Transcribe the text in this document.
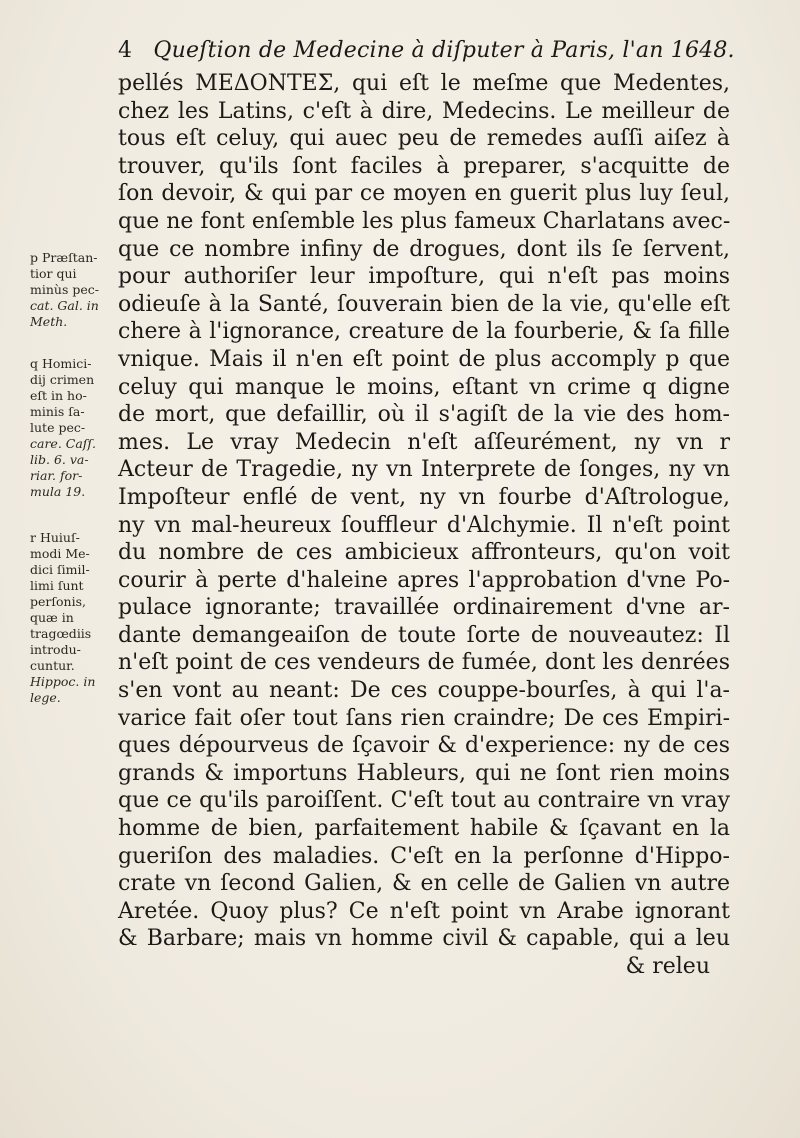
4 Queſtion de Medecine à diſputer à Paris, l'an 1648.
pellés ΜΕΔΟΝΤΕΣ, qui eſt le meſme que Medentes,
chez les Latins, c'eſt à dire, Medecins. Le meilleur de
tous eſt celuy, qui auec peu de remedes auſſi aiſez à
trouver, qu'ils ſont faciles à preparer, s'acquitte de
ſon devoir, & qui par ce moyen en guerit plus luy ſeul,
que ne font enſemble les plus fameux Charlatans avec-
que ce nombre infiny de drogues, dont ils ſe ſervent,
pour authoriſer leur impoſture, qui n'eſt pas moins
odieuſe à la Santé, ſouverain bien de la vie, qu'elle eſt
chere à l'ignorance, creature de la fourberie, & ſa fille
vnique. Mais il n'en eſt point de plus accomply p que
celuy qui manque le moins, eſtant vn crime q digne
de mort, que defaillir, où il s'agiſt de la vie des hom-
mes. Le vray Medecin n'eſt aſſeurément, ny vn r
Acteur de Tragedie, ny vn Interprete de ſonges, ny vn
Impoſteur enflé de vent, ny vn fourbe d'Aſtrologue,
ny vn mal-heureux ſouffleur d'Alchymie. Il n'eſt point
du nombre de ces ambicieux affronteurs, qu'on voit
courir à perte d'haleine apres l'approbation d'vne Po-
pulace ignorante; travaillée ordinairement d'vne ar-
dante demangeaiſon de toute ſorte de nouveautez: Il
n'eſt point de ces vendeurs de fumée, dont les denrées
s'en vont au neant: De ces couppe-bourſes, à qui l'a-
varice fait oſer tout ſans rien craindre; De ces Empiri-
ques dépourveus de ſçavoir & d'experience: ny de ces
grands & importuns Hableurs, qui ne ſont rien moins
que ce qu'ils paroiſſent. C'eſt tout au contraire vn vray
homme de bien, parfaitement habile & ſçavant en la
gueriſon des maladies. C'eſt en la perſonne d'Hippo-
crate vn ſecond Galien, & en celle de Galien vn autre
Aretée. Quoy plus? Ce n'eſt point vn Arabe ignorant
& Barbare; mais vn homme civil & capable, qui a leu
& releu
p Præſtan-
tior qui
minùs pec-
cat. Gal. in
Meth.
q Homici-
dij crimen
eſt in ho-
minis ſa-
lute pec-
care. Caſſ.
lib. 6. va-
riar. for-
mula 19.
r Huiuſ-
modi Me-
dici ſimil-
limi ſunt
perſonis,
quæ in
tragœdiis
introdu-
cuntur.
Hippoc. in
lege.
